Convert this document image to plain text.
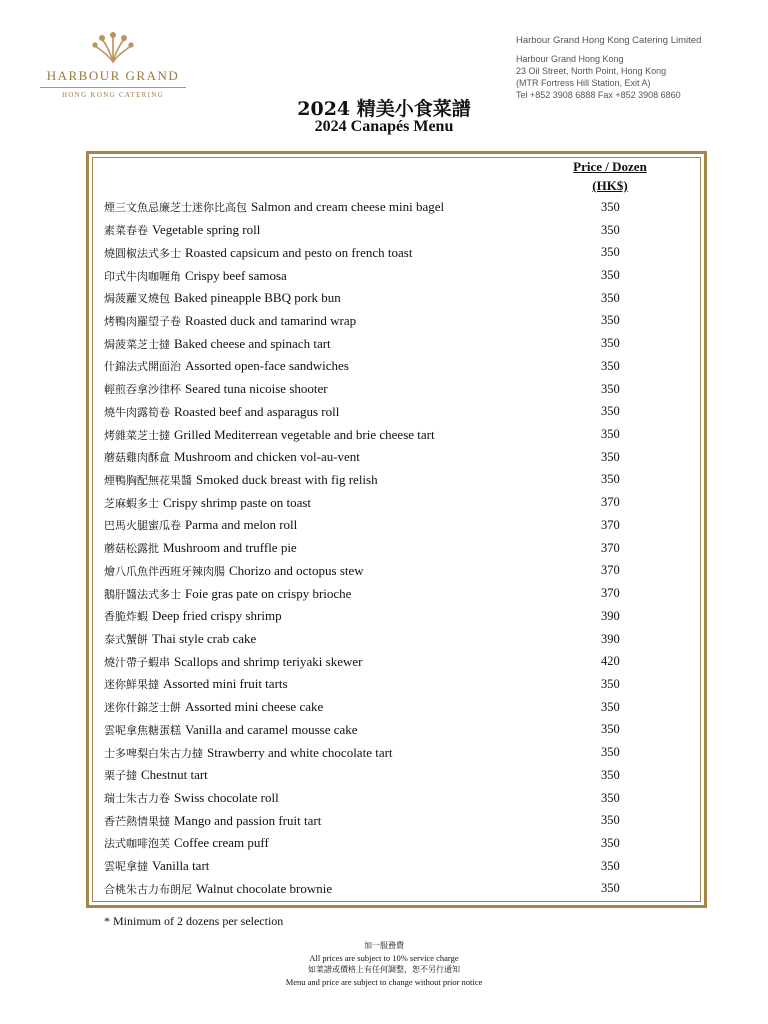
HARBOUR GRAND
HONG KONG CATERING
Harbour Grand Hong Kong Catering Limited
Harbour Grand Hong Kong
23 Oil Street, North Point, Hong Kong
(MTR Fortress Hill Station, Exit A)
Tel +852 3908 6888 Fax +852 3908 6860
2024 精美小食菜譜
2024 Canapés Menu
Price / Dozen
(HK$)
煙三文魚忌廉芝士迷你比高包 Salmon and cream cheese mini bagel	350
素菜春卷 Vegetable spring roll	350
燒圓椒法式多士 Roasted capsicum and pesto on french toast	350
印式牛肉咖喱角 Crispy beef samosa	350
焗菠蘿叉燒包 Baked pineapple BBQ pork bun	350
烤鴨肉羅望子卷 Roasted duck and tamarind wrap	350
焗菠菜芝士撻 Baked cheese and spinach tart	350
什錦法式開面治 Assorted open-face sandwiches	350
輕煎吞拿沙律杯 Seared tuna nicoise shooter	350
燒牛肉露筍卷 Roasted beef and asparagus roll	350
烤雜菜芝士撻 Grilled Mediterrean vegetable and brie cheese tart	350
蘑菇雞肉酥盒 Mushroom and chicken vol-au-vent	350
煙鴨胸配無花果醬 Smoked duck breast with fig relish	350
芝麻蝦多士 Crispy shrimp paste on toast	370
巴馬火腿蜜瓜卷 Parma and melon roll	370
蘑菇松露批 Mushroom and truffle pie	370
燴八爪魚伴西班牙辣肉腸 Chorizo and octopus stew	370
鵝肝醬法式多士 Foie gras pate on crispy brioche	370
香脆炸蝦 Deep fried crispy shrimp	390
泰式蟹餅 Thai style crab cake	390
燒汁帶子蝦串 Scallops and shrimp teriyaki skewer	420
迷你鮮果撻 Assorted mini fruit tarts	350
迷你什錦芝士餅 Assorted mini cheese cake	350
雲呢拿焦糖蛋糕 Vanilla and caramel mousse cake	350
士多啤梨白朱古力撻 Strawberry and white chocolate tart	350
栗子撻 Chestnut tart	350
瑞士朱古力卷 Swiss chocolate roll	350
香芒熱情果撻 Mango and passion fruit tart	350
法式咖啡泡芙 Coffee cream puff	350
雲呢拿撻 Vanilla tart	350
合桃朱古力布朗尼 Walnut chocolate brownie	350
* Minimum of 2 dozens per selection
加一服務費
All prices are subject to 10% service charge
如菜譜或價格上有任何調整，恕不另行通知
Menu and price are subject to change without prior notice
